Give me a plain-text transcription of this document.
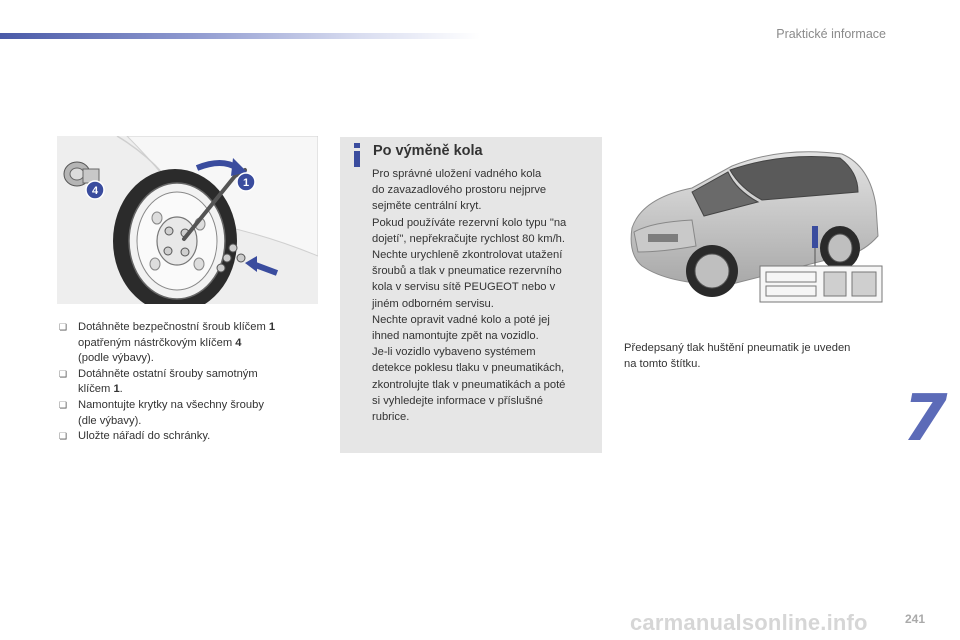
Praktické informace
1
4
❏ Dotáhněte bezpečnostní šroub klíčem 1
opatřeným nástrčkovým klíčem 4
(podle výbavy).
❏ Dotáhněte ostatní šrouby samotným
klíčem 1.
❏ Namontujte krytky na všechny šrouby
(dle výbavy).
❏ Uložte nářadí do schránky.
Po výměně kola
Pro správné uložení vadného kola
do zavazadlového prostoru nejprve
sejměte centrální kryt.
Pokud používáte rezervní kolo typu "na
dojetí", nepřekračujte rychlost 80 km/h.
Nechte urychleně zkontrolovat utažení
šroubů a tlak v pneumatice rezervního
kola v servisu sítě PEUGEOT nebo v
jiném odborném servisu.
Nechte opravit vadné kolo a poté jej
ihned namontujte zpět na vozidlo.
Je-li vozidlo vybaveno systémem
detekce poklesu tlaku v pneumatikách,
zkontrolujte tlak v pneumatikách a poté
si vyhledejte informace v příslušné
rubrice.
Předepsaný tlak huštění pneumatik je uveden
na tomto štítku.
7
241
carmanualsonline.info
